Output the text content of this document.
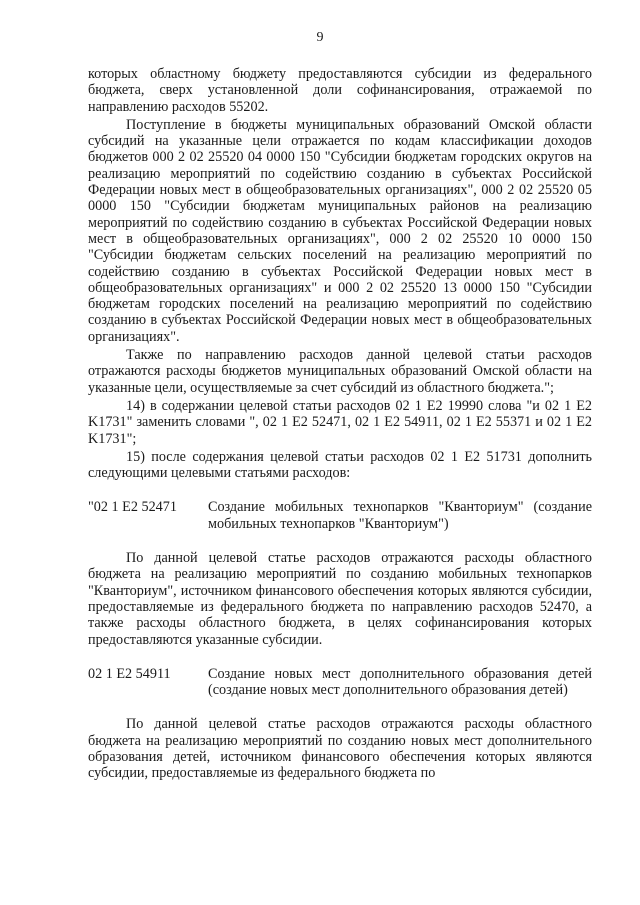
9

которых областному бюджету предоставляются субсидии из федерального бюджета, сверх установленной доли софинансирования, отражаемой по направлению расходов 55202.

Поступление в бюджеты муниципальных образований Омской области субсидий на указанные цели отражается по кодам классификации доходов бюджетов 000 2 02 25520 04 0000 150 "Субсидии бюджетам городских округов на реализацию мероприятий по содействию созданию в субъектах Российской Федерации новых мест в общеобразовательных организациях", 000 2 02 25520 05 0000 150 "Субсидии бюджетам муниципальных районов на реализацию мероприятий по содействию созданию в субъектах Российской Федерации новых мест в общеобразовательных организациях", 000 2 02 25520 10 0000 150 "Субсидии бюджетам сельских поселений на реализацию мероприятий по содействию созданию в субъектах Российской Федерации новых мест в общеобразовательных организациях" и 000 2 02 25520 13 0000 150 "Субсидии бюджетам городских поселений на реализацию мероприятий по содействию созданию в субъектах Российской Федерации новых мест в общеобразовательных организациях".

Также по направлению расходов данной целевой статьи расходов отражаются расходы бюджетов муниципальных образований Омской области на указанные цели, осуществляемые за счет субсидий из областного бюджета.";

14) в содержании целевой статьи расходов 02 1 E2 19990 слова "и 02 1 E2 K1731" заменить словами ", 02 1 E2 52471, 02 1 E2 54911, 02 1 E2 55371 и 02 1 E2 K1731";

15) после содержания целевой статьи расходов 02 1 E2 51731 дополнить следующими целевыми статьями расходов:

"02 1 E2 52471	Создание мобильных технопарков "Кванториум" (создание мобильных технопарков "Кванториум")

По данной целевой статье расходов отражаются расходы областного бюджета на реализацию мероприятий по созданию мобильных технопарков "Кванториум", источником финансового обеспечения которых являются субсидии, предоставляемые из федерального бюджета по направлению расходов 52470, а также расходы областного бюджета, в целях софинансирования которых предоставляются указанные субсидии.

02 1 E2 54911	Создание новых мест дополнительного образования детей (создание новых мест дополнительного образования детей)

По данной целевой статье расходов отражаются расходы областного бюджета на реализацию мероприятий по созданию новых мест дополнительного образования детей, источником финансового обеспечения которых являются субсидии, предоставляемые из федерального бюджета по
